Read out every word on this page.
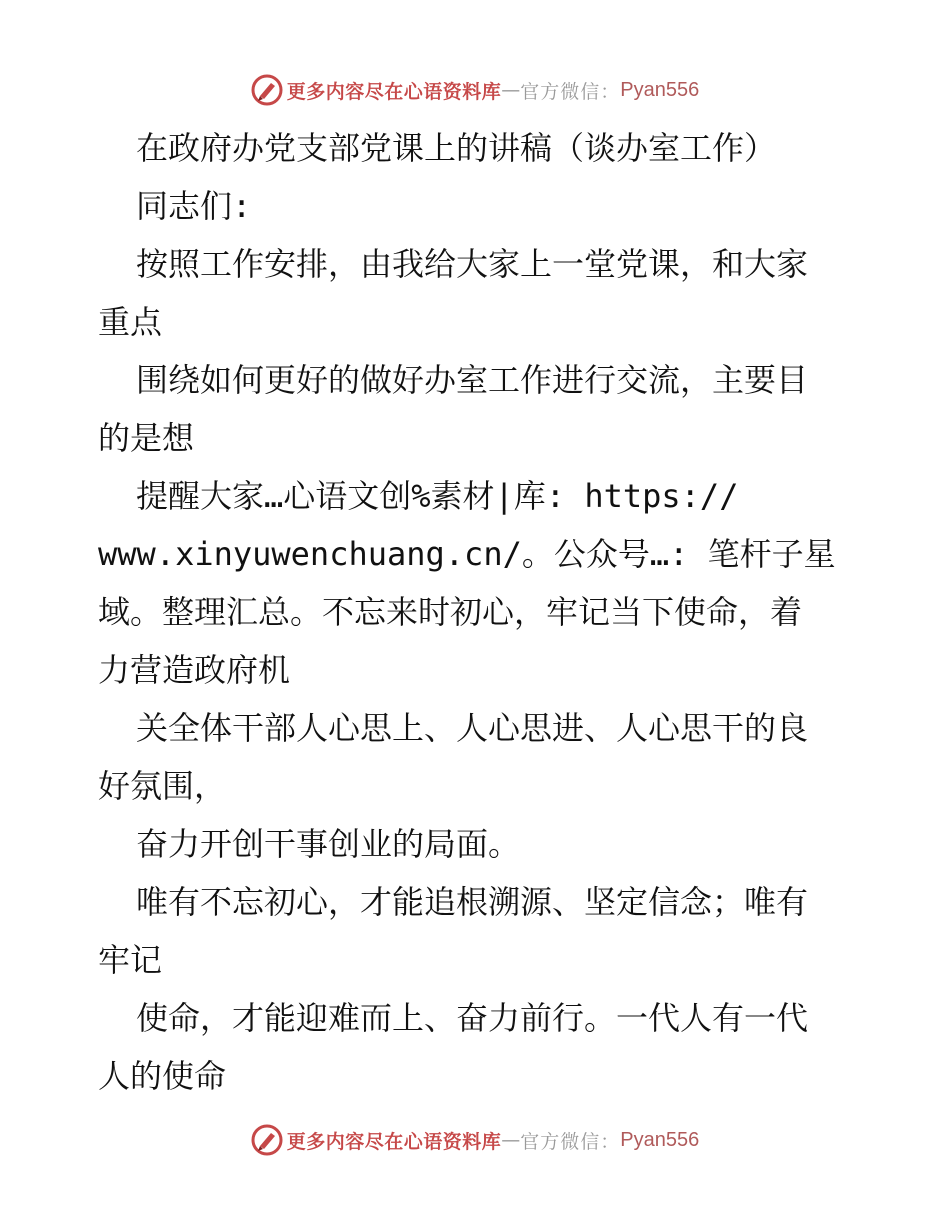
更多内容尽在心语资料库 — 官方微信： Pyan556
在政府办党支部党课上的讲稿（谈办室工作）
同志们:
按照工作安排，由我给大家上一堂党课，和大家
重点
围绕如何更好的做好办室工作进行交流，主要目
的是想
提醒大家…心语文创%素材|库: https://
www.xinyuwenchuang.cn/。公众号…: 笔杆子星
域。整理汇总。不忘来时初心，牢记当下使命，着
力营造政府机
关全体干部人心思上、人心思进、人心思干的良
好氛围，
奋力开创干事创业的局面。
唯有不忘初心，才能追根溯源、坚定信念；唯有
牢记
使命，才能迎难而上、奋力前行。一代人有一代
人的使命
更多内容尽在心语资料库 — 官方微信： Pyan556
